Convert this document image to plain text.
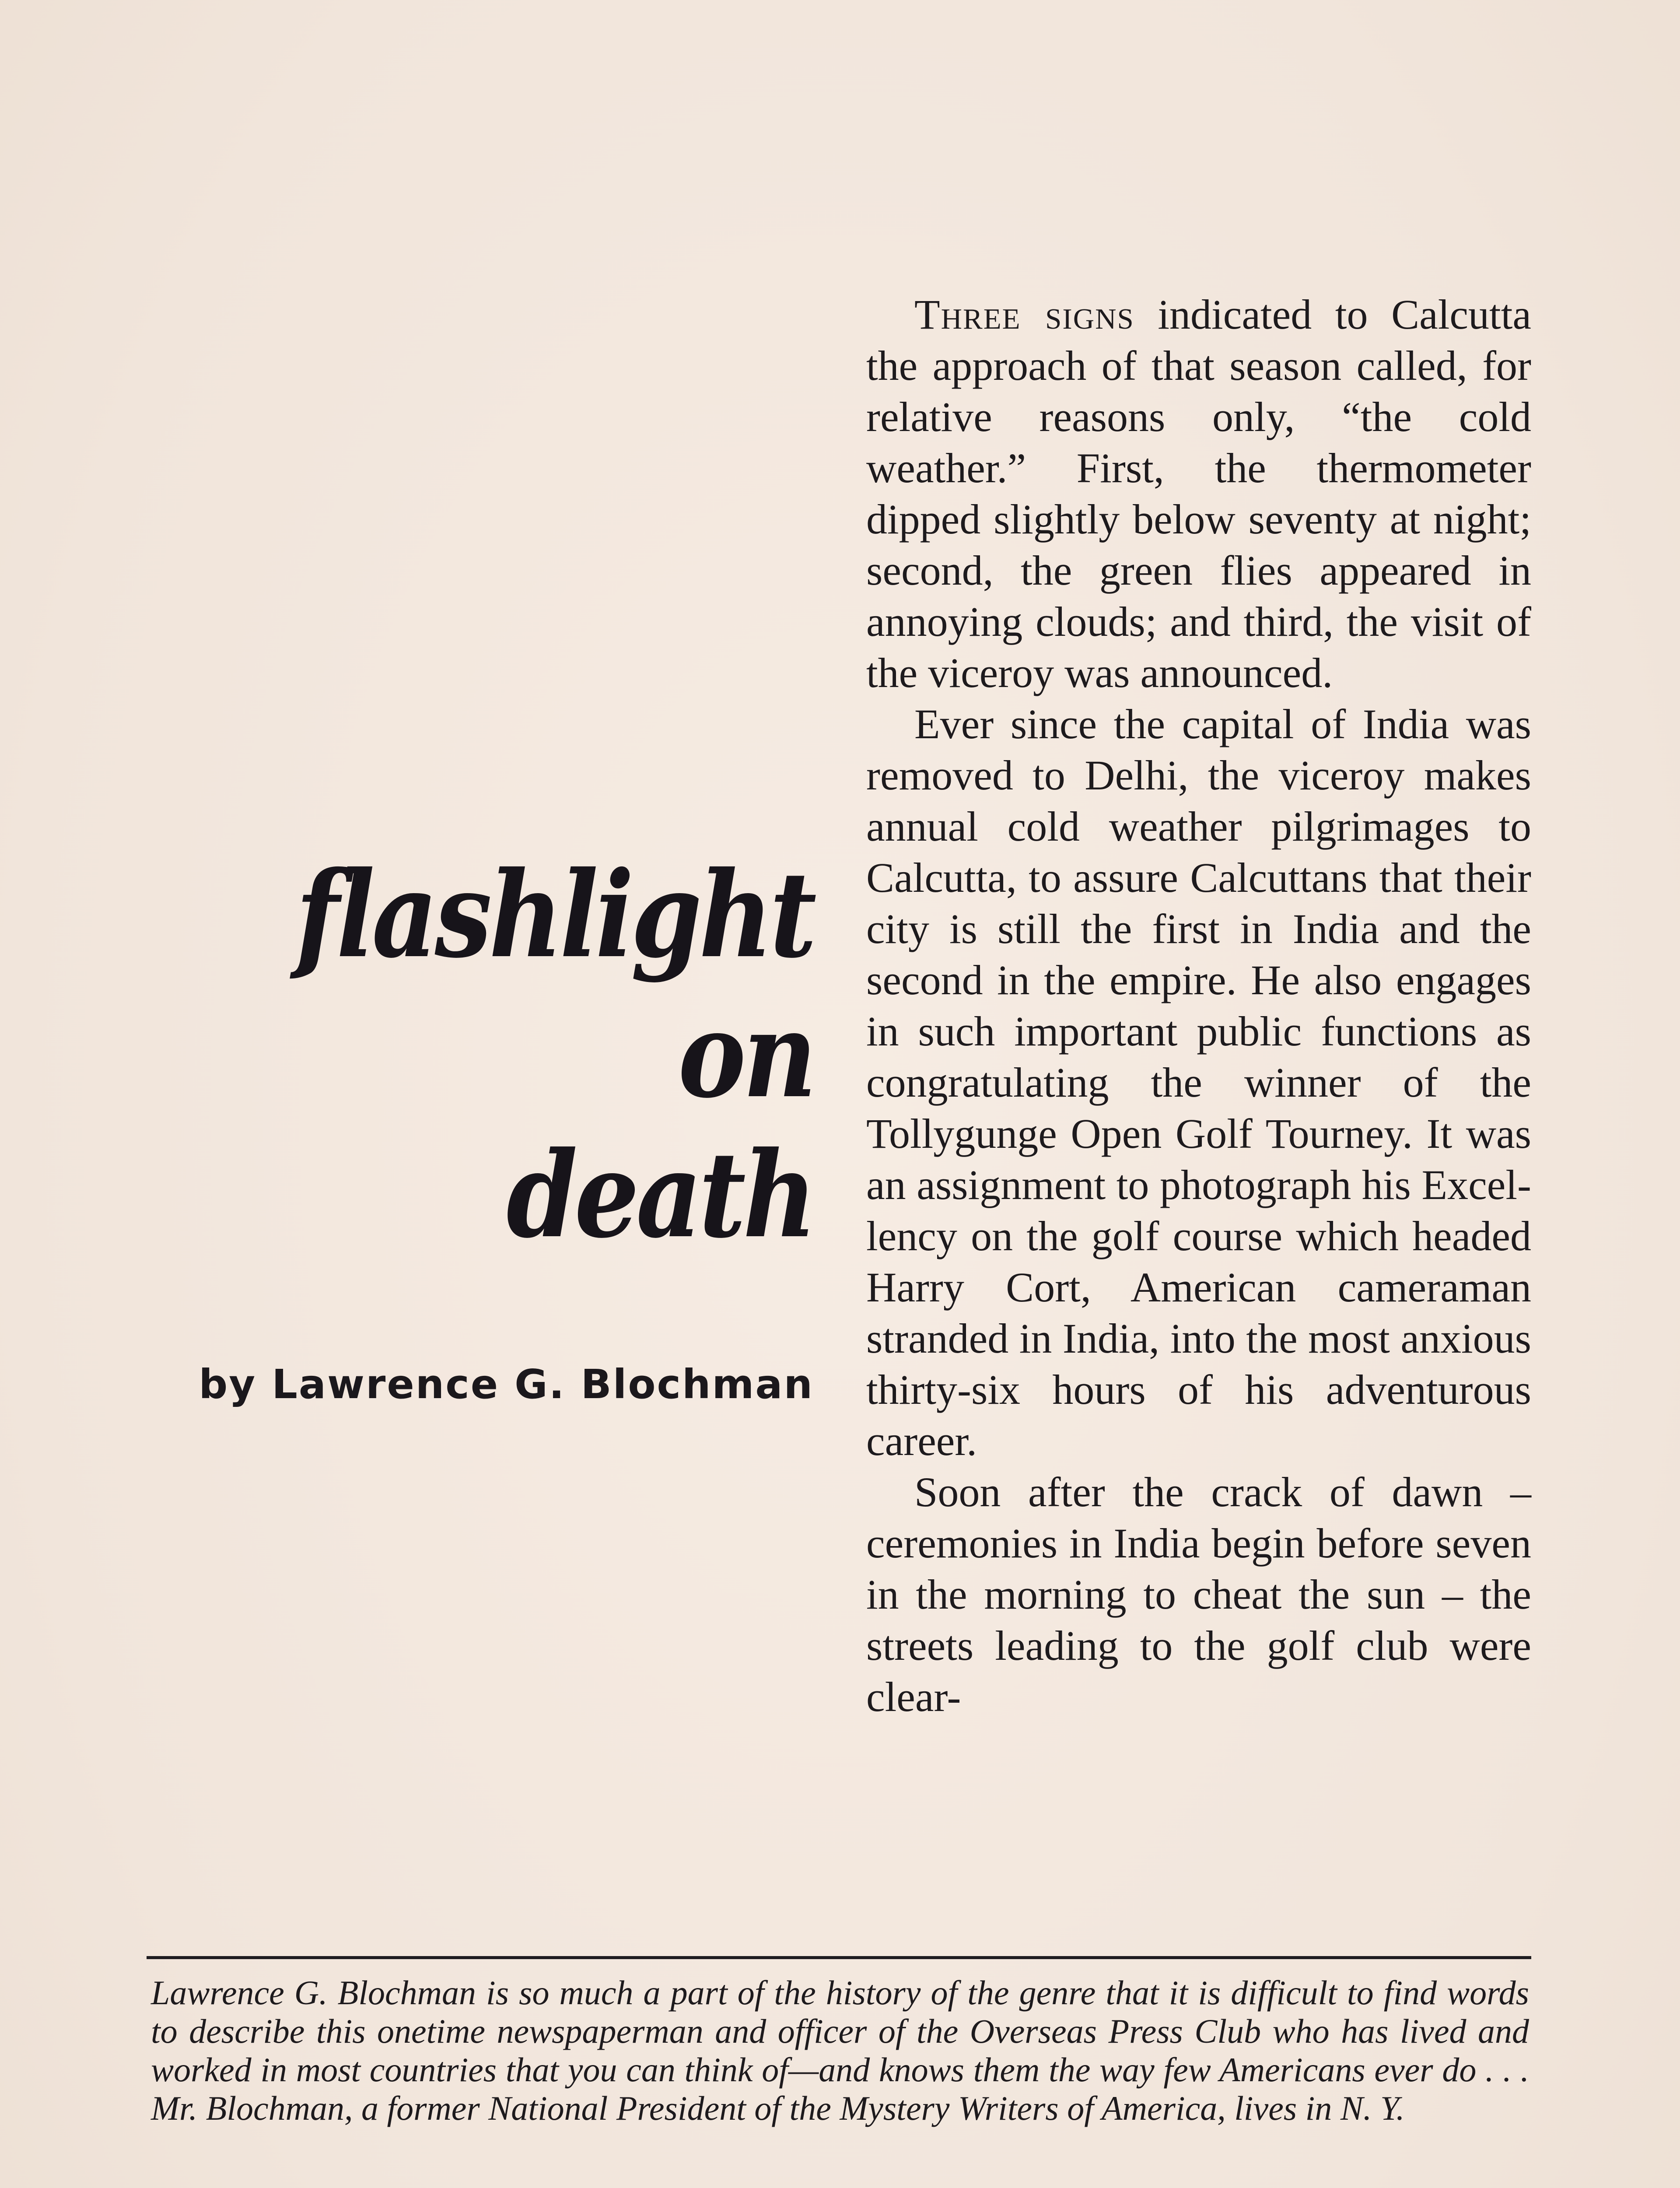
flashlight
on
death
by Lawrence G. Blochman

Three signs indicated to Calcutta the approach of that season called, for relative reasons only, “the cold weather.” First, the thermometer dipped slightly below seventy at night; second, the green flies appeared in annoying clouds; and third, the visit of the viceroy was announced.

Ever since the capital of India was removed to Delhi, the viceroy makes annual cold weather pilgrimages to Calcutta, to assure Calcuttans that their city is still the first in India and the second in the empire. He also engages in such important public functions as congratulating the winner of the Tollygunge Open Golf Tourney. It was an assignment to photograph his Excellency on the golf course which headed Harry Cort, American cameraman stranded in India, into the most anxious thirty-six hours of his adventurous career.

Soon after the crack of dawn – ceremonies in India begin before seven in the morning to cheat the sun – the streets leading to the golf club were clear-

Lawrence G. Blochman is so much a part of the history of the genre that it is difficult to find words to describe this onetime newspaperman and officer of the Overseas Press Club who has lived and worked in most countries that you can think of—and knows them the way few Americans ever do . . . Mr. Blochman, a former National President of the Mystery Writers of America, lives in N. Y.
